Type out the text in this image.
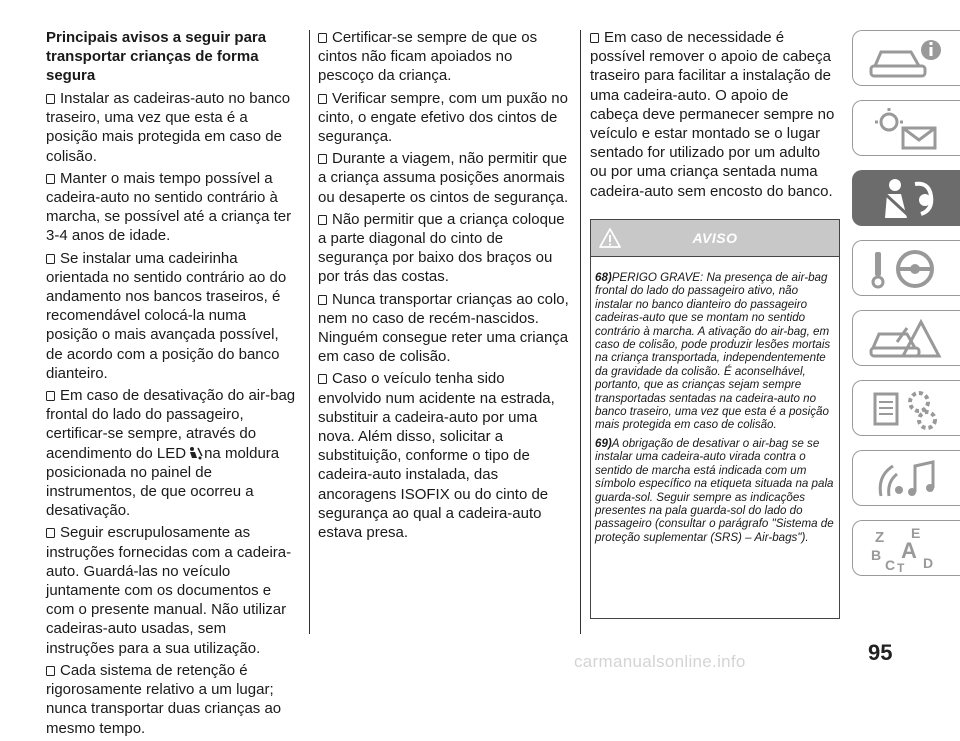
Principais avisos a seguir para transportar crianças de forma segura

Instalar as cadeiras-auto no banco traseiro, uma vez que esta é a posição mais protegida em caso de colisão.

Manter o mais tempo possível a cadeira-auto no sentido contrário à marcha, se possível até a criança ter 3-4 anos de idade.

Se instalar uma cadeirinha orientada no sentido contrário ao do andamento nos bancos traseiros, é recomendável colocá-la numa posição o mais avançada possível, de acordo com a posição do banco dianteiro.

Em caso de desativação do air-bag frontal do lado do passageiro, certificar-se sempre, através do acendimento do LED na moldura posicionada no painel de instrumentos, de que ocorreu a desativação.

Seguir escrupulosamente as instruções fornecidas com a cadeira-auto. Guardá-las no veículo juntamente com os documentos e com o presente manual. Não utilizar cadeiras-auto usadas, sem instruções para a sua utilização.

Cada sistema de retenção é rigorosamente relativo a um lugar; nunca transportar duas crianças ao mesmo tempo.

Certificar-se sempre de que os cintos não ficam apoiados no pescoço da criança.

Verificar sempre, com um puxão no cinto, o engate efetivo dos cintos de segurança.

Durante a viagem, não permitir que a criança assuma posições anormais ou desaperte os cintos de segurança.

Não permitir que a criança coloque a parte diagonal do cinto de segurança por baixo dos braços ou por trás das costas.

Nunca transportar crianças ao colo, nem no caso de recém-nascidos. Ninguém consegue reter uma criança em caso de colisão.

Caso o veículo tenha sido envolvido num acidente na estrada, substituir a cadeira-auto por uma nova. Além disso, solicitar a substituição, conforme o tipo de cadeira-auto instalada, das ancoragens ISOFIX ou do cinto de segurança ao qual a cadeira-auto estava presa.

Em caso de necessidade é possível remover o apoio de cabeça traseiro para facilitar a instalação de uma cadeira-auto. O apoio de cabeça deve permanecer sempre no veículo e estar montado se o lugar sentado for utilizado por um adulto ou por uma criança sentada numa cadeira-auto sem encosto do banco.

AVISO

68)PERIGO GRAVE: Na presença de air-bag frontal do lado do passageiro ativo, não instalar no banco dianteiro do passageiro cadeiras-auto que se montam no sentido contrário à marcha. A ativação do air-bag, em caso de colisão, pode produzir lesões mortais na criança transportada, independentemente da gravidade da colisão. É aconselhável, portanto, que as crianças sejam sempre transportadas sentadas na cadeira-auto no banco traseiro, uma vez que esta é a posição mais protegida em caso de colisão.

69)A obrigação de desativar o air-bag se se instalar uma cadeira-auto virada contra o sentido de marcha está indicada com um símbolo específico na etiqueta situada na pala guarda-sol. Seguir sempre as indicações presentes na pala guarda-sol do lado do passageiro (consultar o parágrafo "Sistema de proteção suplementar (SRS) – Air-bags").	Z E
B A
C D
T
95
carmanualsonline.info
